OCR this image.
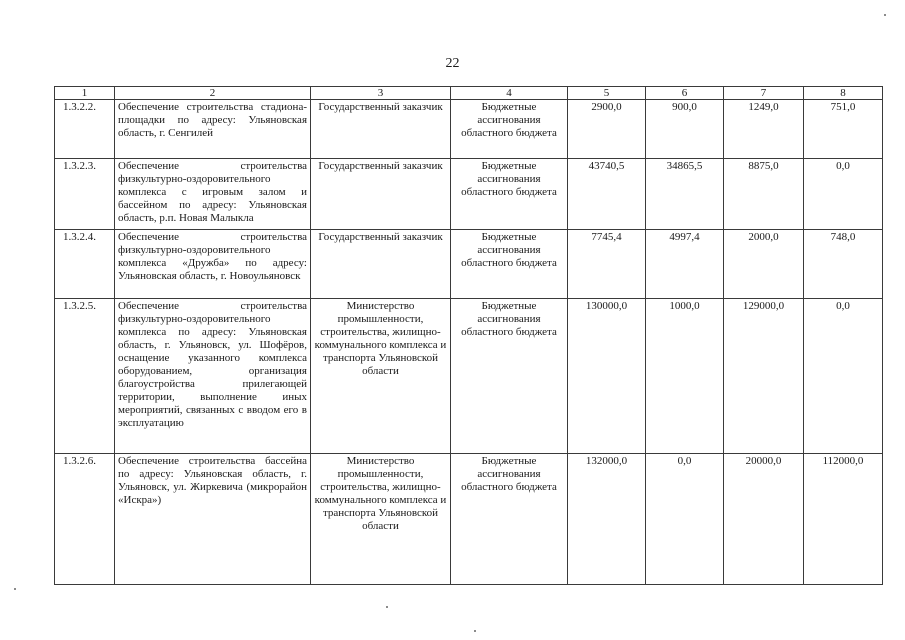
22
1	2	3	4	5	6	7	8
1.3.2.2.	Обеспечение строительства стадиона-площадки по адресу: Ульяновская область, г. Сенгилей	Государственный заказчик	Бюджетные ассигнования областного бюджета	2900,0	900,0	1249,0	751,0
1.3.2.3.	Обеспечение строительства физкультурно-оздоровительного комплекса с игровым залом и бассейном по адресу: Ульяновская область, р.п. Новая Малыкла	Государственный заказчик	Бюджетные ассигнования областного бюджета	43740,5	34865,5	8875,0	0,0
1.3.2.4.	Обеспечение строительства физкультурно-оздоровительного комплекса «Дружба» по адресу: Ульяновская область, г. Новоульяновск	Государственный заказчик	Бюджетные ассигнования областного бюджета	7745,4	4997,4	2000,0	748,0
1.3.2.5.	Обеспечение строительства физкультурно-оздоровительного комплекса по адресу: Ульяновская область, г. Ульяновск, ул. Шофёров, оснащение указанного комплекса оборудованием, организация благоустройства прилегающей территории, выполнение иных мероприятий, связанных с вводом его в эксплуатацию	Министерство промышленности, строительства, жилищно-коммунального комплекса и транспорта Ульяновской области	Бюджетные ассигнования областного бюджета	130000,0	1000,0	129000,0	0,0
1.3.2.6.	Обеспечение строительства бассейна по адресу: Ульяновская область, г. Ульяновск, ул. Жиркевича (микрорайон «Искра»)	Министерство промышленности, строительства, жилищно-коммунального комплекса и транспорта Ульяновской области	Бюджетные ассигнования областного бюджета	132000,0	0,0	20000,0	112000,0
